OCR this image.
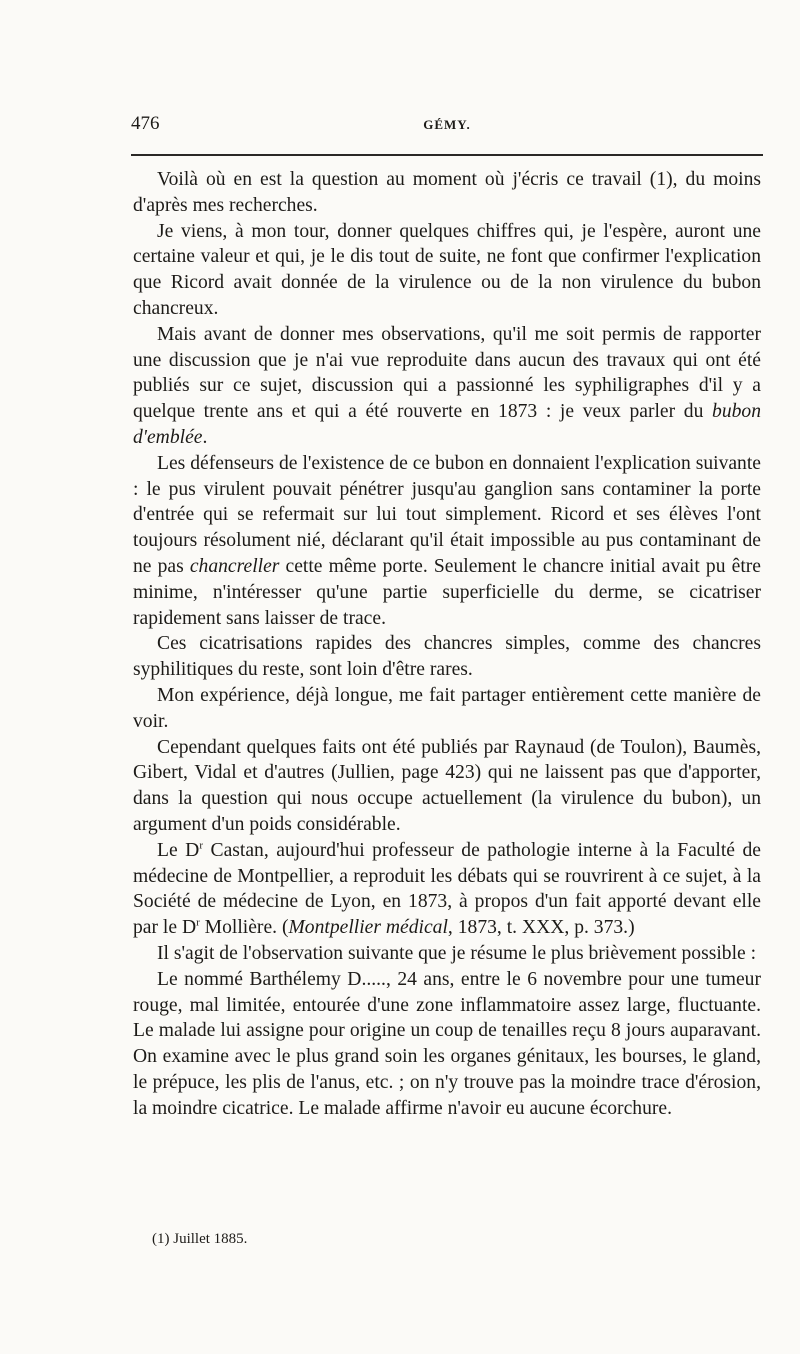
476	GÉMY.

Voilà où en est la question au moment où j'écris ce travail (1), du moins d'après mes recherches.

Je viens, à mon tour, donner quelques chiffres qui, je l'espère, auront une certaine valeur et qui, je le dis tout de suite, ne font que confirmer l'explication que Ricord avait donnée de la virulence ou de la non virulence du bubon chancreux.

Mais avant de donner mes observations, qu'il me soit permis de rapporter une discussion que je n'ai vue reproduite dans aucun des travaux qui ont été publiés sur ce sujet, discussion qui a passionné les syphiligraphes d'il y a quelque trente ans et qui a été rouverte en 1873 : je veux parler du bubon d'emblée.

Les défenseurs de l'existence de ce bubon en donnaient l'explication suivante : le pus virulent pouvait pénétrer jusqu'au ganglion sans contaminer la porte d'entrée qui se refermait sur lui tout simplement. Ricord et ses élèves l'ont toujours résolument nié, déclarant qu'il était impossible au pus contaminant de ne pas chancreller cette même porte. Seulement le chancre initial avait pu être minime, n'intéresser qu'une partie superficielle du derme, se cicatriser rapidement sans laisser de trace.

Ces cicatrisations rapides des chancres simples, comme des chancres syphilitiques du reste, sont loin d'être rares.

Mon expérience, déjà longue, me fait partager entièrement cette manière de voir.

Cependant quelques faits ont été publiés par Raynaud (de Toulon), Baumès, Gibert, Vidal et d'autres (Jullien, page 423) qui ne laissent pas que d'apporter, dans la question qui nous occupe actuellement (la virulence du bubon), un argument d'un poids considérable.

Le $D^r$ Castan, aujourd'hui professeur de pathologie interne à la Faculté de médecine de Montpellier, a reproduit les débats qui se rouvrirent à ce sujet, à la Société de médecine de Lyon, en 1873, à propos d'un fait apporté devant elle par le $D^r$ Mollière. (Montpellier médical, 1873, t. XXX, p. 373.)

Il s'agit de l'observation suivante que je résume le plus brièvement possible :

Le nommé Barthélemy D....., 24 ans, entre le 6 novembre pour une tumeur rouge, mal limitée, entourée d'une zone inflammatoire assez large, fluctuante. Le malade lui assigne pour origine un coup de tenailles reçu 8 jours auparavant. On examine avec le plus grand soin les organes génitaux, les bourses, le gland, le prépuce, les plis de l'anus, etc. ; on n'y trouve pas la moindre trace d'érosion, la moindre cicatrice. Le malade affirme n'avoir eu aucune écorchure.

(1) Juillet 1885.
